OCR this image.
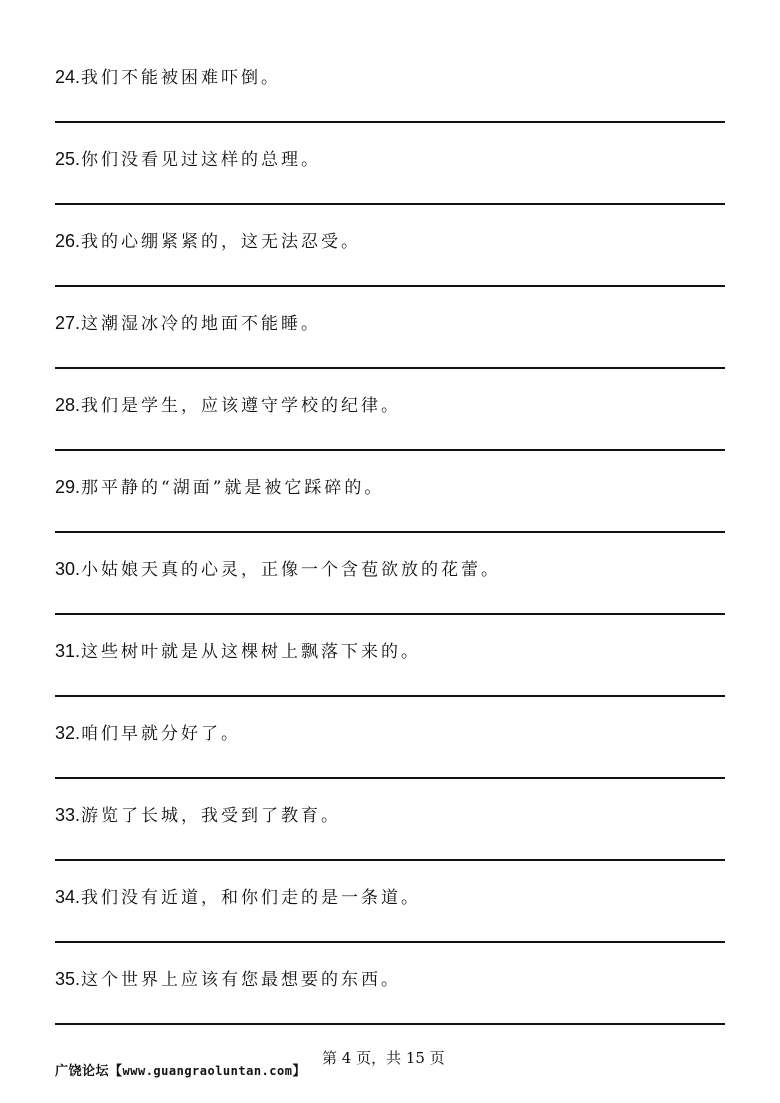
24.我们不能被困难吓倒。
25.你们没看见过这样的总理。
26.我的心绷紧紧的，这无法忍受。
27.这潮湿冰冷的地面不能睡。
28.我们是学生，应该遵守学校的纪律。
29.那平静的“湖面”就是被它踩碎的。
30.小姑娘天真的心灵，正像一个含苞欲放的花蕾。
31.这些树叶就是从这棵树上飘落下来的。
32.咱们早就分好了。
33.游览了长城，我受到了教育。
34.我们没有近道，和你们走的是一条道。
35.这个世界上应该有您最想要的东西。
广饶论坛【www.guangraoluntan.com】
第 4 页，共 15 页
